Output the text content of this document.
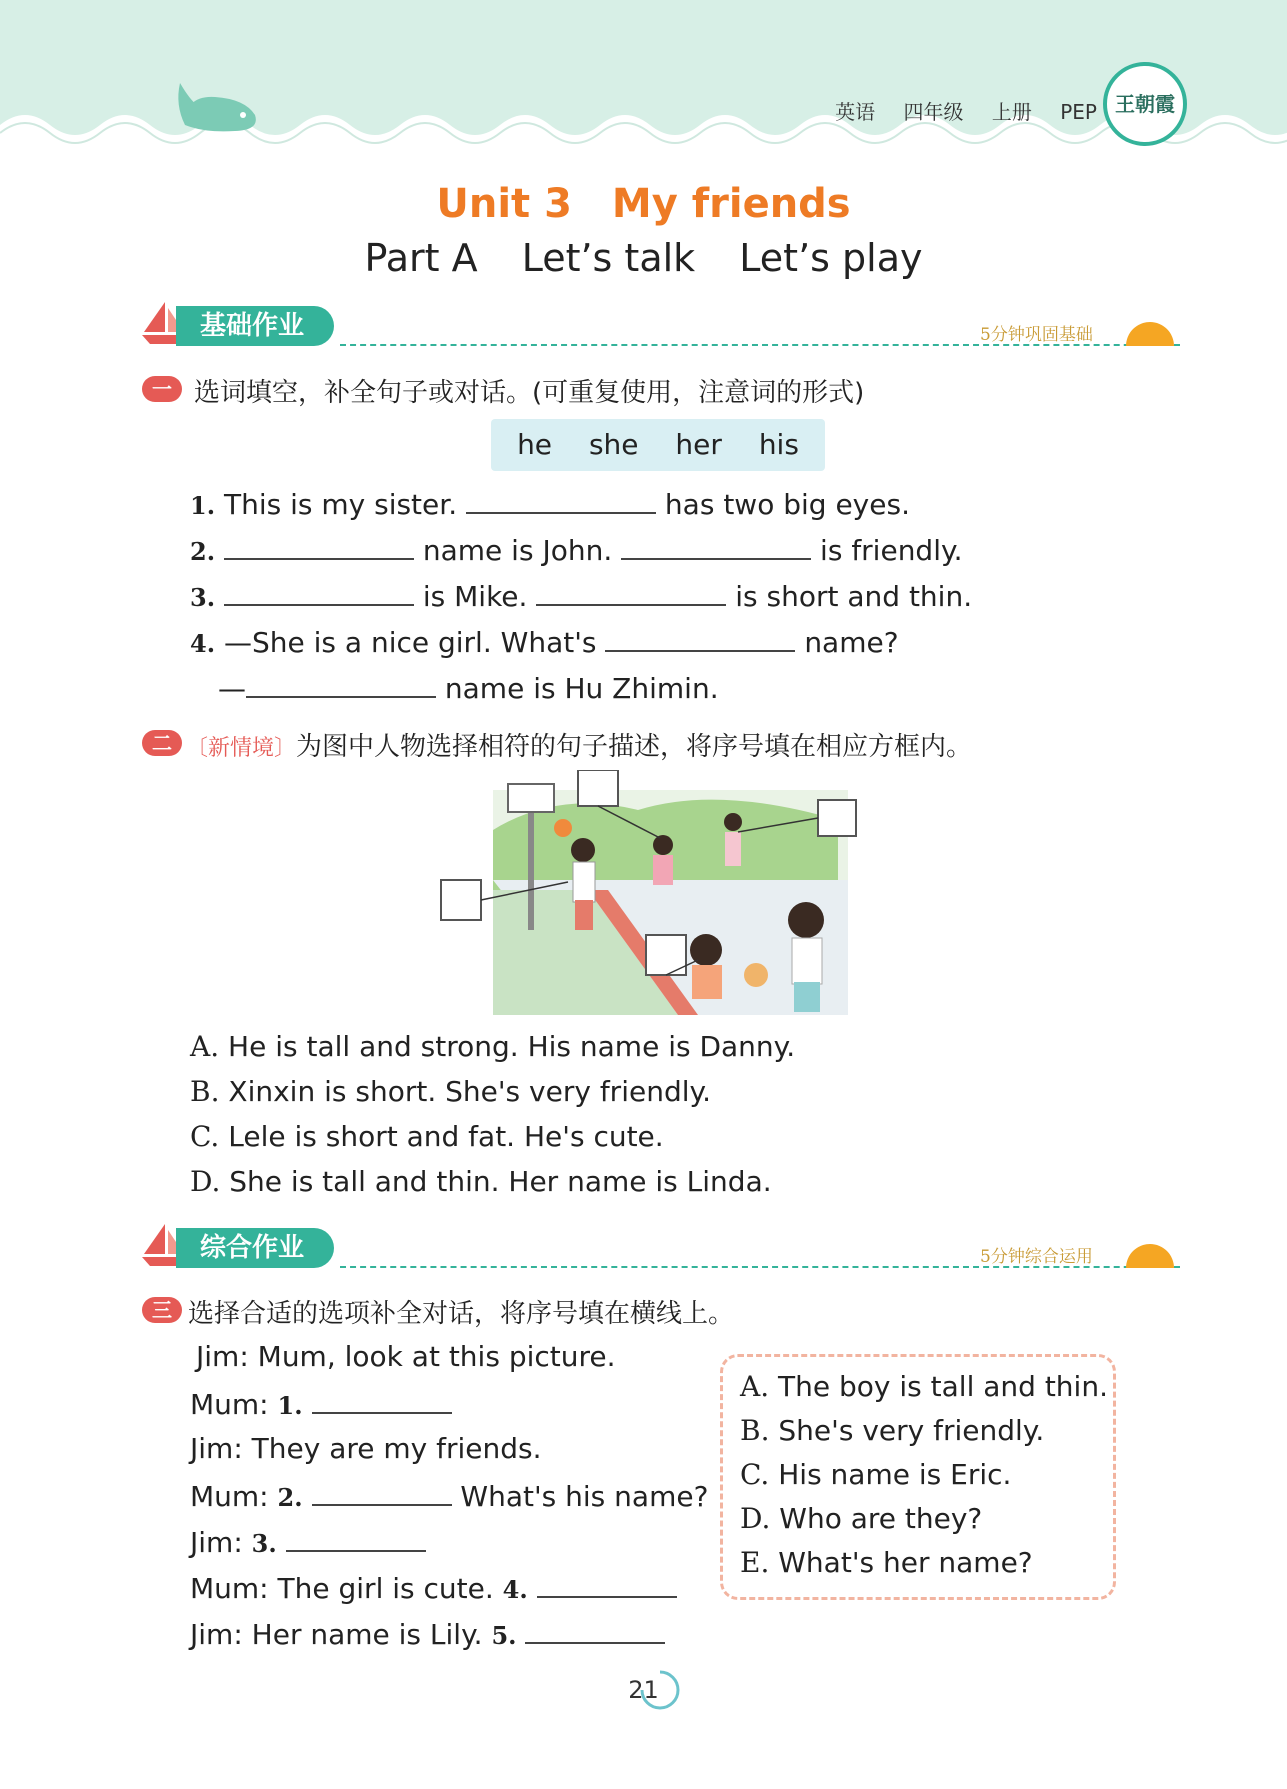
英语 四年级 上册 PEP 王朝霞
Unit 3　My friends
Part A Let’s talk Let’s play
基础作业	5分钟巩固基础
一 选词填空，补全句子或对话。(可重复使用，注意词的形式)
he she her his
1. This is my sister.	has two big eyes.
2.	name is John.	is friendly.
3.	is Mike.	is short and thin.
4. —She is a nice girl. What's	name?
—	name is Hu Zhimin.
二 〔新情境〕为图中人物选择相符的句子描述，将序号填在相应方框内。
A. He is tall and strong. His name is Danny.
B. Xinxin is short. She's very friendly.
C. Lele is short and fat. He's cute.
D. She is tall and thin. Her name is Linda.
综合作业	5分钟综合运用
三 选择合适的选项补全对话，将序号填在横线上。
Jim: Mum, look at this picture.
Mum: 1.
Jim: They are my friends.
Mum: 2.	What's his name?
Jim: 3.
Mum: The girl is cute. 4.
Jim: Her name is Lily. 5.
A. The boy is tall and thin.
B. She's very friendly.
C. His name is Eric.
D. Who are they?
E. What's her name?
21
